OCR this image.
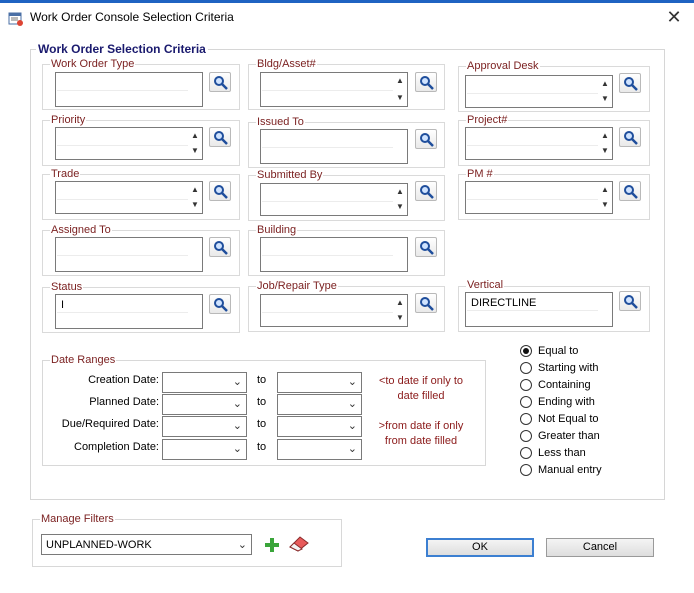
Work Order Console Selection Criteria	✕
Work Order Selection Criteria
Work Order Type	Bldg/Asset#
▲
▼
Approval Desk
▲
▼
Priority
▲
▼
Issued To	Project#
▲
▼
Trade
▲
▼
Submitted By
▲
▼
PM #
▲
▼
Assigned To	Building
Status
I
Job/Repair Type
▲
▼
Vertical
DIRECTLINE
Date Ranges
Creation Date:	⌄ to	⌄
Planned Date:	⌄ to	⌄
Due/Required Date:	⌄ to	⌄
Completion Date:	⌄ to	⌄
<to date if only to
date filled
>from date if only
from date filled
Equal to
Starting with
Containing
Ending with
Not Equal to
Greater than
Less than
Manual entry
Manage Filters
UNPLANNED-WORK	⌄	OK	Cancel
